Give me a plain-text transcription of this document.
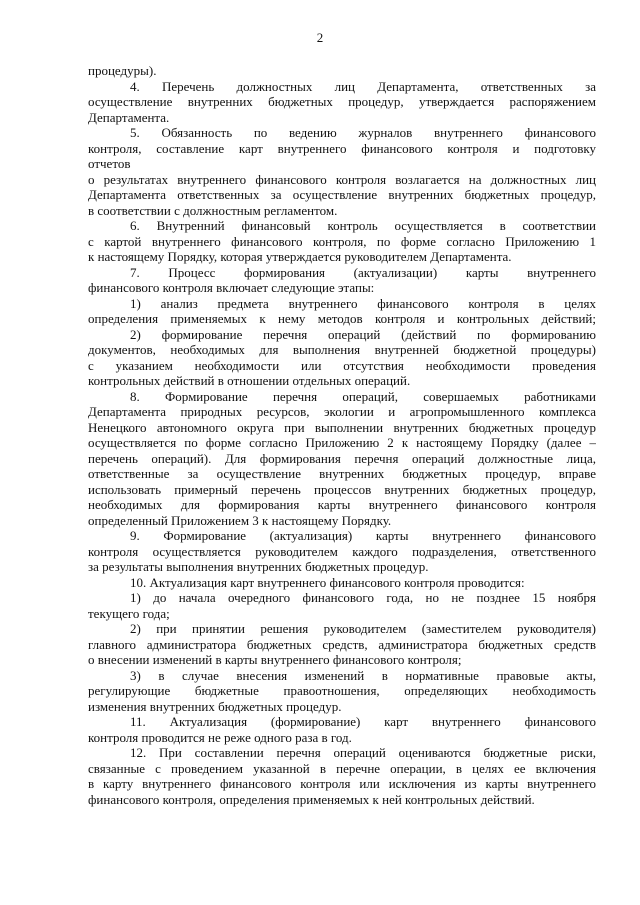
2
процедуры).
4. Перечень должностных лиц Департамента, ответственных за
осуществление внутренних бюджетных процедур, утверждается распоряжением
Департамента.
5. Обязанность по ведению журналов внутреннего финансового
контроля, составление карт внутреннего финансового контроля и подготовку
отчетов
о результатах внутреннего финансового контроля возлагается на должностных лиц
Департамента ответственных за осуществление внутренних бюджетных процедур,
в соответствии с должностным регламентом.
6. Внутренний финансовый контроль осуществляется в соответствии
с картой внутреннего финансового контроля, по форме согласно Приложению 1
к настоящему Порядку, которая утверждается руководителем Департамента.
7. Процесс формирования (актуализации) карты внутреннего
финансового контроля включает следующие этапы:
1) анализ предмета внутреннего финансового контроля в целях
определения применяемых к нему методов контроля и контрольных действий;
2) формирование перечня операций (действий по формированию
документов, необходимых для выполнения внутренней бюджетной процедуры)
с указанием необходимости или отсутствия необходимости проведения
контрольных действий в отношении отдельных операций.
8. Формирование перечня операций, совершаемых работниками
Департамента природных ресурсов, экологии и агропромышленного комплекса
Ненецкого автономного округа при выполнении внутренних бюджетных процедур
осуществляется по форме согласно Приложению 2 к настоящему Порядку (далее –
перечень операций). Для формирования перечня операций должностные лица,
ответственные за осуществление внутренних бюджетных процедур, вправе
использовать примерный перечень процессов внутренних бюджетных процедур,
необходимых для формирования карты внутреннего финансового контроля
определенный Приложением 3 к настоящему Порядку.
9. Формирование (актуализация) карты внутреннего финансового
контроля осуществляется руководителем каждого подразделения, ответственного
за результаты выполнения внутренних бюджетных процедур.
10. Актуализация карт внутреннего финансового контроля проводится:
1) до начала очередного финансового года, но не позднее 15 ноября
текущего года;
2) при принятии решения руководителем (заместителем руководителя)
главного администратора бюджетных средств, администратора бюджетных средств
о внесении изменений в карты внутреннего финансового контроля;
3) в случае внесения изменений в нормативные правовые акты,
регулирующие бюджетные правоотношения, определяющих необходимость
изменения внутренних бюджетных процедур.
11. Актуализация (формирование) карт внутреннего финансового
контроля проводится не реже одного раза в год.
12. При составлении перечня операций оцениваются бюджетные риски,
связанные с проведением указанной в перечне операции, в целях ее включения
в карту внутреннего финансового контроля или исключения из карты внутреннего
финансового контроля, определения применяемых к ней контрольных действий.
